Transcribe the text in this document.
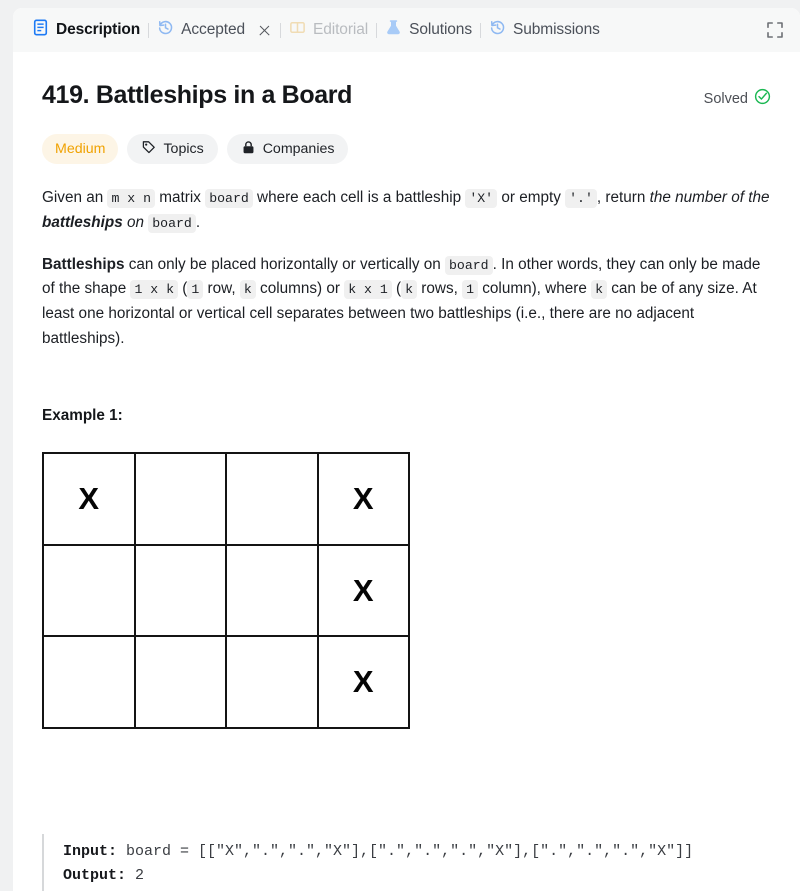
Description	Accepted	Editorial	Solutions	Submissions
419. Battleships in a Board	Solved
Medium	Topics	Companies

Given an m x n matrix board where each cell is a battleship 'X' or empty '.' , return the number of the battleships on board .

Battleships can only be placed horizontally or vertically on board . In other words, they can only be made of the shape 1 x k ( 1 row, k columns) or k x 1 ( k rows, 1 column), where k can be of any size. At least one horizontal or vertical cell separates between two battleships (i.e., there are no adjacent battleships).

Example 1:
X			X
			X
			X
Input: board = [["X",".",".","X"],[".",".",".","X"],[".",".",".","X"]]
Output: 2
